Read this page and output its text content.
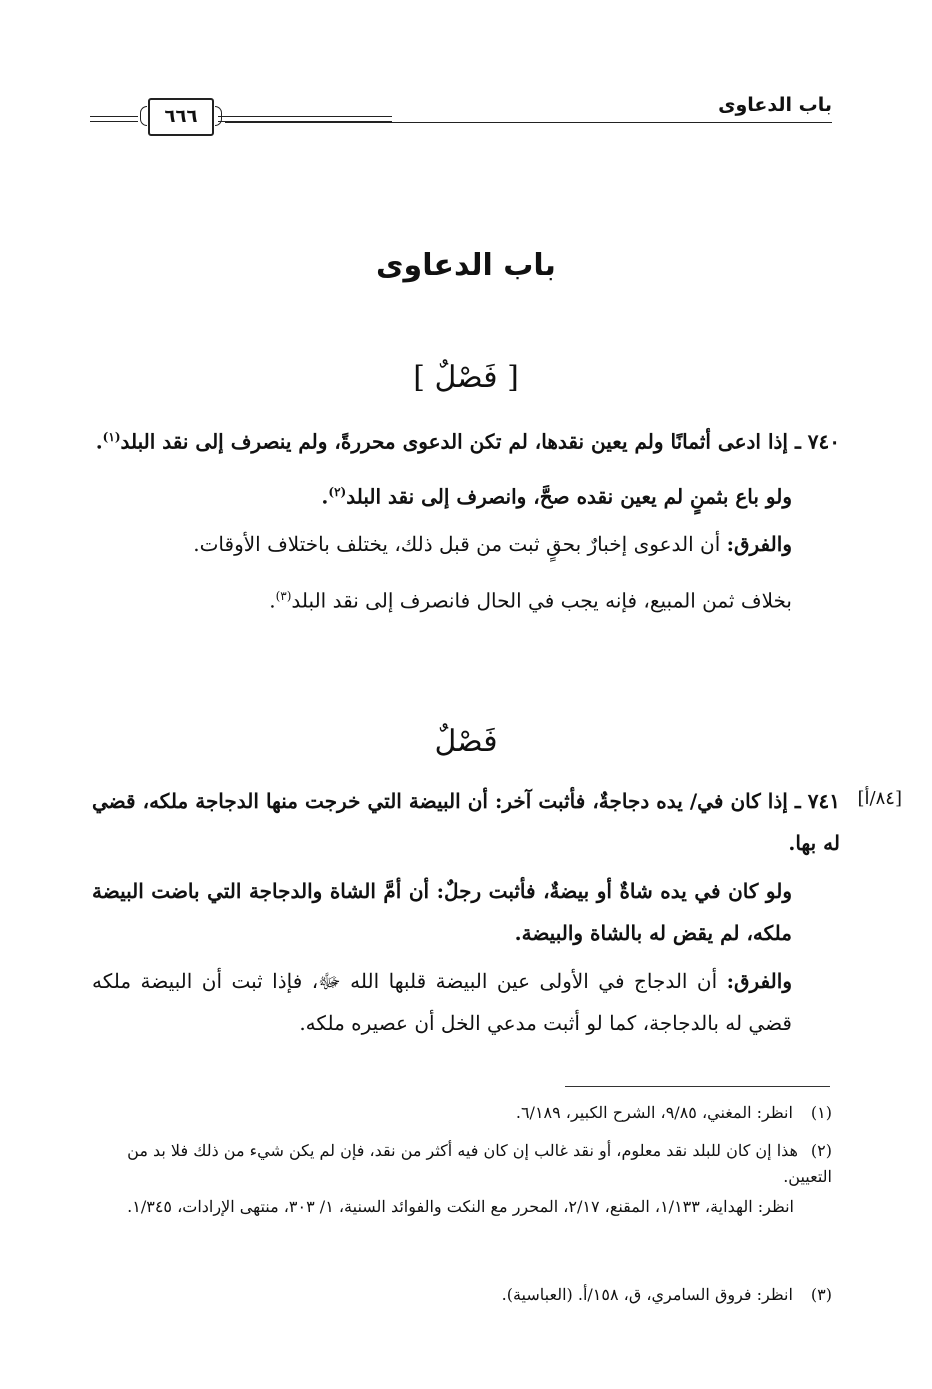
باب الدعاوى
٦٦٦
باب الدعاوى
[ فَصْلٌ ]
٧٤٠ ـ إذا ادعى أثمانًا ولم يعين نقدها، لم تكن الدعوى محررةً، ولم ينصرف إلى نقد البلد$^{(١)}$.
ولو باع بثمنٍ لم يعين نقده صحَّ، وانصرف إلى نقد البلد$^{(٢)}$.
والفرق: أن الدعوى إخبارٌ بحقٍ ثبت من قبل ذلك، يختلف باختلاف الأوقات.
بخلاف ثمن المبيع، فإنه يجب في الحال فانصرف إلى نقد البلد$^{(٣)}$.
فَصْلٌ
[٨٤/أ]
٧٤١ ـ إذا كان في/ يده دجاجةٌ، فأثبت آخر: أن البيضة التي خرجت منها الدجاجة ملكه، قضي له بها.
ولو كان في يده شاةٌ أو بيضةٌ، فأثبت رجلٌ: أن أمَّ الشاة والدجاجة التي باضت البيضة ملكه، لم يقض له بالشاة والبيضة.
والفرق: أن الدجاج في الأولى عين البيضة قلبها الله ﷻ، فإذا ثبت أن البيضة ملكه قضي له بالدجاجة، كما لو أثبت مدعي الخل أن عصيره ملكه.
(١) انظر: المغني، ٩/٨٥، الشرح الكبير، ٦/١٨٩.
(٢)هذا إن كان للبلد نقد معلوم، أو نقد غالب إن كان فيه أكثر من نقد، فإن لم يكن شيء من ذلك فلا بد من التعيين.
انظر: الهداية، ١/١٣٣، المقنع، ٢/١٧، المحرر مع النكت والفوائد السنية، ١/ ٣٠٣، منتهى الإرادات، ١/٣٤٥.
(٣) انظر: فروق السامري، ق، ١٥٨/أ. (العباسية).
